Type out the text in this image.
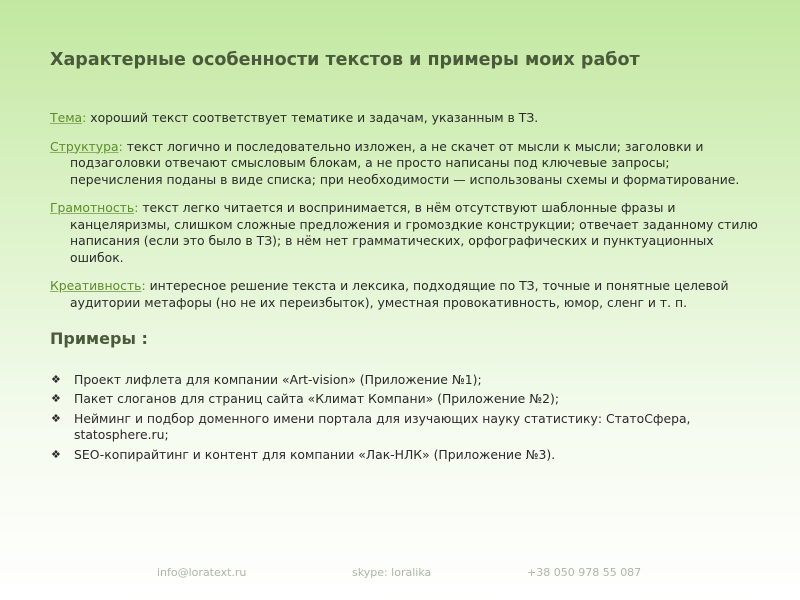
Характерные особенности текстов и примеры моих работ

Тема: хороший текст соответствует тематике и задачам, указанным в ТЗ.

Структура: текст логично и последовательно изложен, а не скачет от мысли к мысли; заголовки и подзаголовки отвечают смысловым блокам, а не просто написаны под ключевые запросы; перечисления поданы в виде списка; при необходимости — использованы схемы и форматирование.

Грамотность: текст легко читается и воспринимается, в нём отсутствуют шаблонные фразы и канцеляризмы, слишком сложные предложения и громоздкие конструкции; отвечает заданному стилю написания (если это было в ТЗ); в нём нет грамматических, орфографических и пунктуационных ошибок.

Креативность: интересное решение текста и лексика, подходящие по ТЗ, точные и понятные целевой аудитории метафоры (но не их переизбыток), уместная провокативность, юмор, сленг и т. п.

Примеры :
❖ Проект лифлета для компании «Art-vision» (Приложение №1);
❖ Пакет слоганов для страниц сайта «Климат Компани» (Приложение №2);
❖ Нейминг и подбор доменного имени портала для изучающих науку статистику: СтатоСфера, statosphere.ru;
❖ SEO-копирайтинг и контент для компании «Лак-НЛК» (Приложение №3).
info@loratext.ru	skype: loralika	+38 050 978 55 087
